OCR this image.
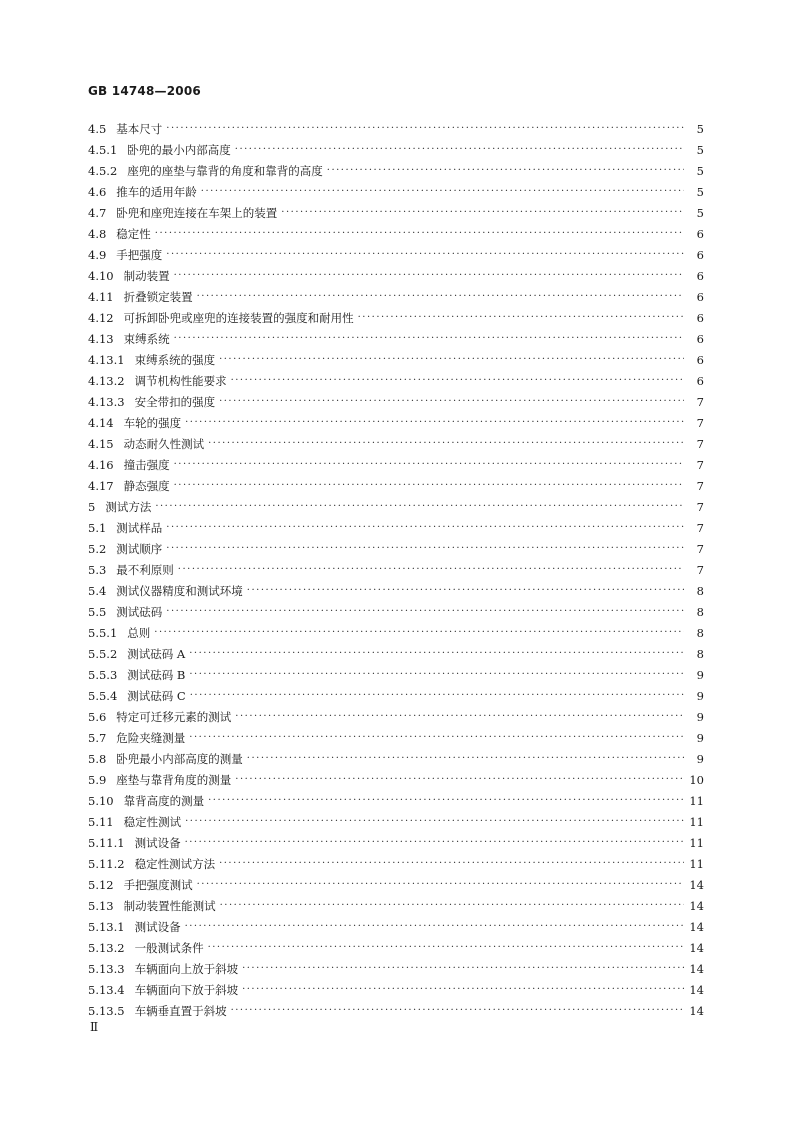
GB 14748—2006
4.5 基本尺寸 ·····	5
4.5.1 卧兜的最小内部高度 ·····	5
4.5.2 座兜的座垫与靠背的角度和靠背的高度 ·····	5
4.6 推车的适用年龄 ·····	5
4.7 卧兜和座兜连接在车架上的装置 ·····	5
4.8 稳定性 ·····	6
4.9 手把强度 ·····	6
4.10 制动装置 ·····	6
4.11 折叠锁定装置 ·····	6
4.12 可拆卸卧兜或座兜的连接装置的强度和耐用性 ·····	6
4.13 束缚系统 ·····	6
4.13.1 束缚系统的强度 ·····	6
4.13.2 调节机构性能要求 ·····	6
4.13.3 安全带扣的强度 ·····	7
4.14 车轮的强度 ·····	7
4.15 动态耐久性测试 ·····	7
4.16 撞击强度 ·····	7
4.17 静态强度 ·····	7
5 测试方法 ·····	7
5.1 测试样品 ·····	7
5.2 测试顺序 ·····	7
5.3 最不利原则 ·····	7
5.4 测试仪器精度和测试环境 ·····	8
5.5 测试砝码 ·····	8
5.5.1 总则 ·····	8
5.5.2 测试砝码 A ·····	8
5.5.3 测试砝码 B ·····	9
5.5.4 测试砝码 C ·····	9
5.6 特定可迁移元素的测试 ·····	9
5.7 危险夹缝测量 ·····	9
5.8 卧兜最小内部高度的测量 ·····	9
5.9 座垫与靠背角度的测量 ·····	10
5.10 靠背高度的测量 ·····	11
5.11 稳定性测试 ·····	11
5.11.1 测试设备 ·····	11
5.11.2 稳定性测试方法 ·····	11
5.12 手把强度测试 ·····	14
5.13 制动装置性能测试 ·····	14
5.13.1 测试设备 ·····	14
5.13.2 一般测试条件 ·····	14
5.13.3 车辆面向上放于斜坡 ·····	14
5.13.4 车辆面向下放于斜坡 ·····	14
5.13.5 车辆垂直置于斜坡 ·····	14
Ⅱ
